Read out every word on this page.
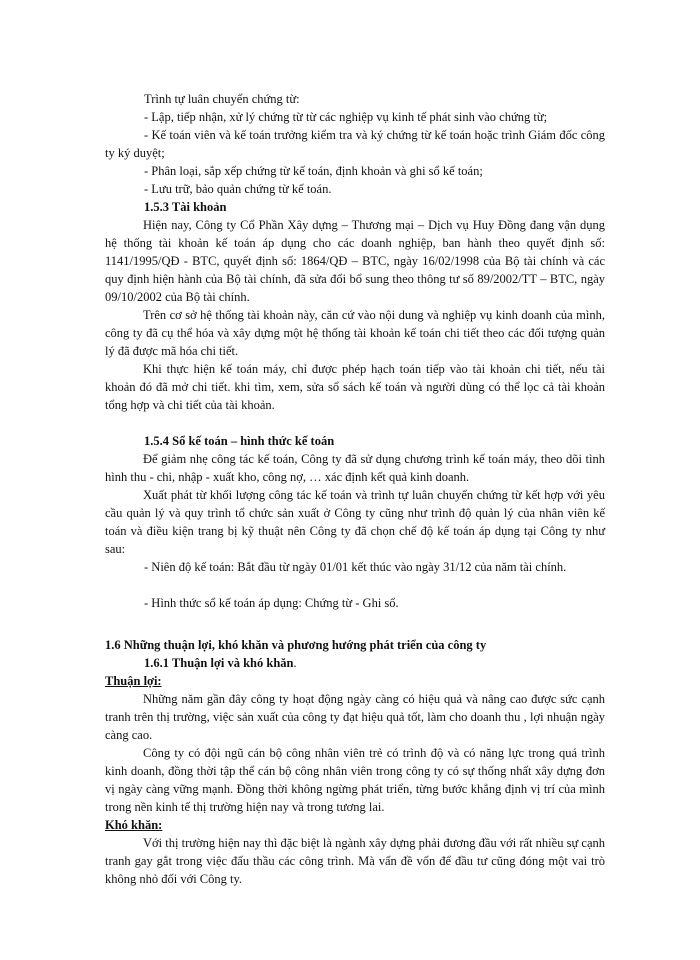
Trình tự luân chuyển chứng từ:

- Lập, tiếp nhận, xử lý chứng từ từ các nghiệp vụ kinh tế phát sinh vào chứng từ;

- Kế toán viên và kế toán trưởng kiểm tra và ký chứng từ kế toán hoặc trình Giám đốc công ty ký duyệt;

- Phân loại, sắp xếp chứng từ kế toán, định khoản và ghi sổ kế toán;

- Lưu trữ, bảo quản chứng từ kế toán.

1.5.3 Tài khoản

Hiện nay, Công ty Cổ Phần Xây dựng – Thương mại – Dịch vụ Huy Đồng đang vận dụng hệ thống tài khoản kế toán áp dụng cho các doanh nghiệp, ban hành theo quyết định số: 1141/1995/QĐ - BTC, quyết định số: 1864/QĐ – BTC, ngày 16/02/1998 của Bộ tài chính và các quy định hiện hành của Bộ tài chính, đã sửa đổi bổ sung theo thông tư số 89/2002/TT – BTC, ngày 09/10/2002 của Bộ tài chính.

Trên cơ sở hệ thống tài khoản này, căn cứ vào nội dung và nghiệp vụ kinh doanh của mình, công ty đã cụ thể hóa và xây dựng một hệ thống tài khoản kế toán chi tiết theo các đối tượng quản lý đã được mã hóa chi tiết.

Khi thực hiện kế toán máy, chỉ được phép hạch toán tiếp vào tài khoản chi tiết, nếu tài khoản đó đã mở chi tiết. khi tìm, xem, sửa sổ sách kế toán và người dùng có thể lọc cả tài khoản tổng hợp và chi tiết của tài khoản.

1.5.4 Sổ kế toán – hình thức kế toán

Để giảm nhẹ công tác kế toán, Công ty đã sử dụng chương trình kế toán máy, theo dõi tình hình thu - chi, nhập - xuất kho, công nợ, … xác định kết quả kinh doanh.

Xuất phát từ khối lượng công tác kế toán và trình tự luân chuyển chứng từ kết hợp với yêu cầu quản lý và quy trình tổ chức sản xuất ở Công ty cũng như trình độ quản lý của nhân viên kế toán và điều kiện trang bị kỹ thuật nên Công ty đã chọn chế độ kế toán áp dụng tại Công ty như sau:

- Niên độ kế toán: Bắt đầu từ ngày 01/01 kết thúc vào ngày 31/12 của năm tài chính.

- Hình thức sổ kế toán áp dụng: Chứng từ - Ghi sổ.

1.6 Những thuận lợi, khó khăn và phương hướng phát triển của công ty
1.6.1 Thuận lợi và khó khăn.
Thuận lợi:

Những năm gần đây công ty hoạt động ngày càng có hiệu quả và nâng cao được sức cạnh tranh trên thị trường, việc sản xuất của công ty đạt hiệu quả tốt, làm cho doanh thu , lợi nhuận ngày càng cao.

Công ty có đội ngũ cán bộ công nhân viên trẻ có trình độ và có năng lực trong quá trình kinh doanh, đồng thời tập thể cán bộ công nhân viên trong công ty có sự thống nhất xây dựng đơn vị ngày càng vững mạnh. Đồng thời không ngừng phát triển, từng bước khẳng định vị trí của mình trong nền kinh tế thị trường hiện nay và trong tương lai.

Khó khăn:

Với thị trường hiện nay thì đặc biệt là ngành xây dựng phải đương đầu với rất nhiều sự cạnh tranh gay gắt trong việc đấu thầu các công trình. Mà vấn đề vốn để đầu tư cũng đóng một vai trò không nhỏ đối với Công ty.
